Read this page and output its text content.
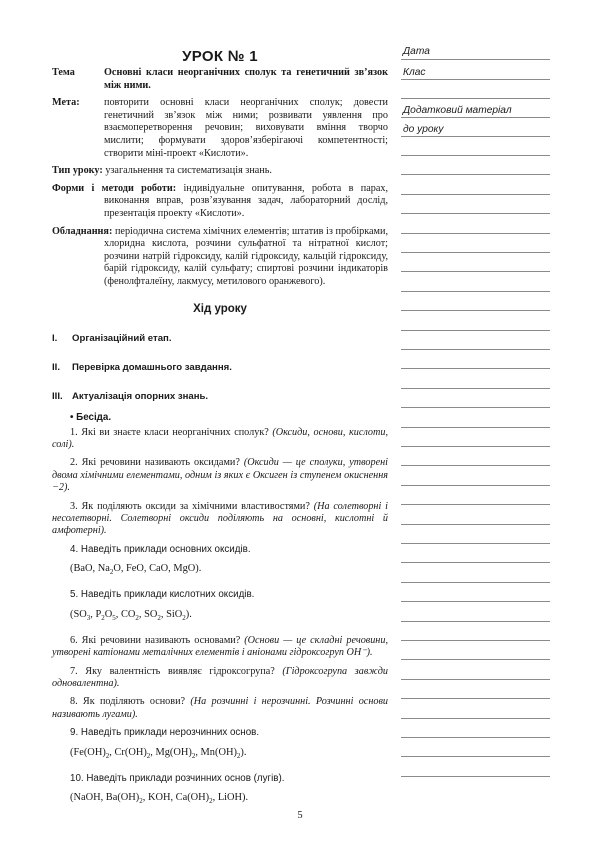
УРОК № 1
Тема	Основні класи неорганічних сполук та генетичний зв’язок між ними.
Мета:	повторити основні класи неорганічних сполук; довести генетичний зв’язок між ними; розвивати уявлення про взаємоперетворення речовин; виховувати вміння творчо мислити; формувати здоров’язберігаючі компетентності; створити міні-проект «Кислоти».
Тип уроку: узагальнення та систематизація знань.
Форми і методи роботи: індивідуальне опитування, робота в парах, виконання вправ, розв’язування задач, лабораторний дослід, презентація проекту «Кислоти».
Обладнання: періодична система хімічних елементів; штатив із пробірками, хлоридна кислота, розчини сульфатної та нітратної кислот; розчини натрій гідроксиду, калій гідроксиду, кальцій гідроксиду, барій гідроксиду, калій сульфату; спиртові розчини індикаторів (фенолфталеїну, лакмусу, метилового оранжевого).
Хід уроку
I.	Організаційний етап.
II.	Перевірка домашнього завдання.
III. Актуалізація опорних знань.
• Бесіда.
1. Які ви знаєте класи неорганічних сполук? (Оксиди, основи, кислоти, солі).
2. Які речовини називають оксидами? (Оксиди — це сполуки, утворені двома хімічними елементами, одним із яких є Оксиген із ступенем окиснення −2).
3. Як поділяють оксиди за хімічними властивостями? (На солетворні і несолетворні. Солетворні оксиди поділяють на основні, кислотні й амфотерні).
4. Наведіть приклади основних оксидів.
(BaO, $Na_2O$, FeO, CaO, MgO).
5. Наведіть приклади кислотних оксидів.
($SO_3$, $P_2O_5$, $CO_2$, $SO_2$, SiO$_2$).
6. Які речовини називають основами? (Основи — це складні речовини, утворені катіонами металічних елементів і аніонами гідроксогруп OH⁻).
7. Яку валентність виявляє гідроксогрупа? (Гідроксогрупа завжди одновалентна).
8. Як поділяють основи? (На розчинні і нерозчинні. Розчинні основи називають лугами).
9. Наведіть приклади нерозчинних основ.
($Fe(OH)_2$, $Cr(OH)_2$, $Mg(OH)_2$, $Mn(OH)_2$).
10. Наведіть приклади розчинних основ (лугів).
(NaOH, $Ba(OH)_2$, KOH, $Ca(OH)_2$, LiOH).
Дата
Клас
Додатковий матеріал
до уроку
5
